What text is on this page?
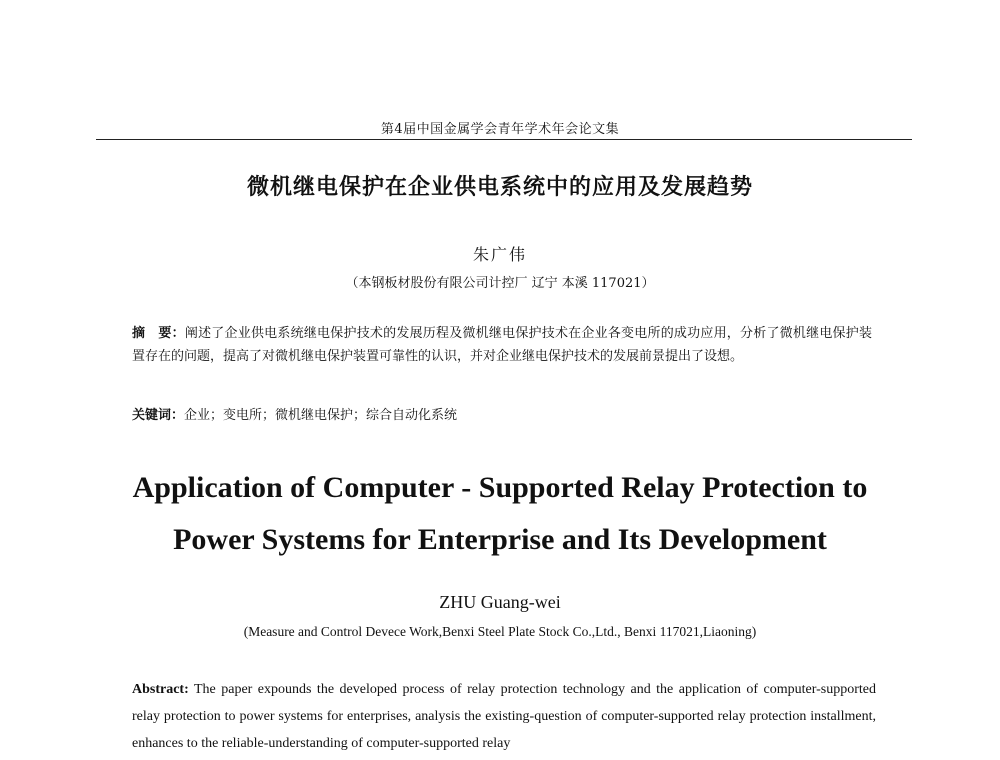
第4届中国金属学会青年学术年会论文集
微机继电保护在企业供电系统中的应用及发展趋势
朱广伟
（本钢板材股份有限公司计控厂 辽宁 本溪 117021）
摘　要：阐述了企业供电系统继电保护技术的发展历程及微机继电保护技术在企业各变电所的成功应用，分析了微机继电保护装置存在的问题，提高了对微机继电保护装置可靠性的认识，并对企业继电保护技术的发展前景提出了设想。
关键词：企业；变电所；微机继电保护；综合自动化系统
Application of Computer - Supported Relay Protection to Power Systems for Enterprise and Its Development
ZHU Guang-wei
(Measure and Control Devece Work,Benxi Steel Plate Stock Co.,Ltd., Benxi 117021,Liaoning)
Abstract: The paper expounds the developed process of relay protection technology and the application of computer-supported relay protection to power systems for enterprises, analysis the existing-question of computer-supported relay protection installment, enhances to the reliable-understanding of computer-supported relay
